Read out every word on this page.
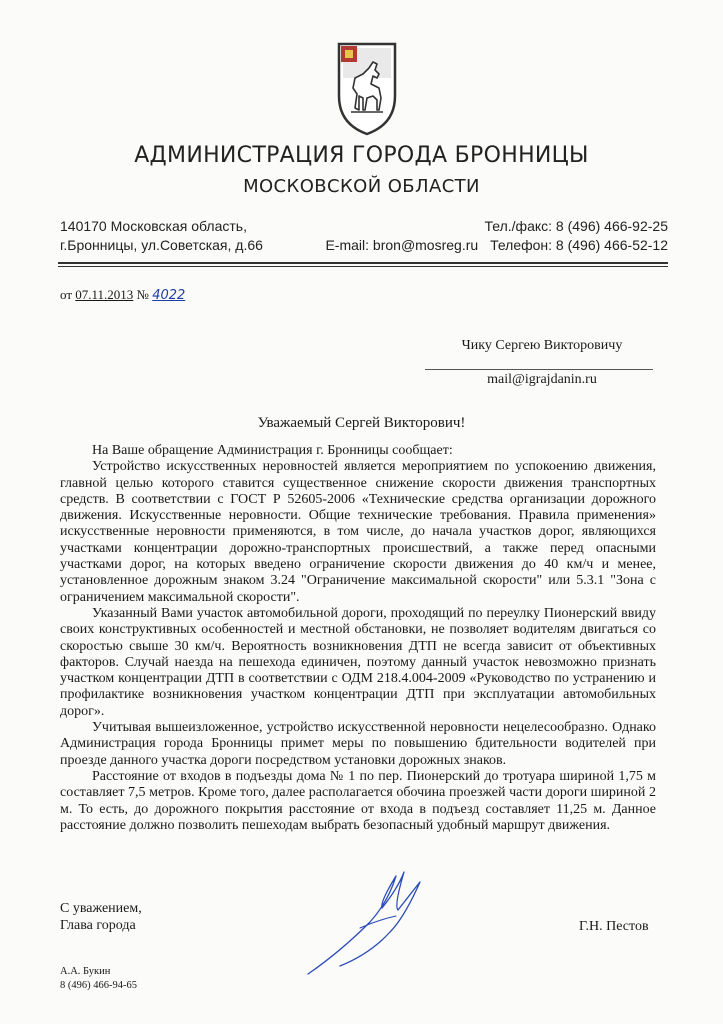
АДМИНИСТРАЦИЯ ГОРОДА БРОННИЦЫ
МОСКОВСКОЙ ОБЛАСТИ
140170 Московская область,
г.Бронницы, ул.Советская, д.66
Тел./факс: 8 (496) 466-92-25
E-mail: bron@mosreg.ru Телефон: 8 (496) 466-52-12
от 07.11.2013 № 4022
Чику Сергею Викторовичу
mail@igrajdanin.ru
Уважаемый Сергей Викторович!

На Ваше обращение Администрация г. Бронницы сообщает:

Устройство искусственных неровностей является мероприятием по успокоению движения, главной целью которого ставится существенное снижение скорости движения транспортных средств. В соответствии с ГОСТ Р 52605-2006 «Технические средства организации дорожного движения. Искусственные неровности. Общие технические требования. Правила применения» искусственные неровности применяются, в том числе, до начала участков дорог, являющихся участками концентрации дорожно-транспортных происшествий, а также перед опасными участками дорог, на которых введено ограничение скорости движения до 40 км/ч и менее, установленное дорожным знаком 3.24 "Ограничение максимальной скорости" или 5.3.1 "Зона с ограничением максимальной скорости".

Указанный Вами участок автомобильной дороги, проходящий по переулку Пионерский ввиду своих конструктивных особенностей и местной обстановки, не позволяет водителям двигаться со скоростью свыше 30 км/ч. Вероятность возникновения ДТП не всегда зависит от объективных факторов. Случай наезда на пешехода единичен, поэтому данный участок невозможно признать участком концентрации ДТП в соответствии с ОДМ 218.4.004-2009 «Руководство по устранению и профилактике возникновения участком концентрации ДТП при эксплуатации автомобильных дорог».

Учитывая вышеизложенное, устройство искусственной неровности нецелесообразно. Однако Администрация города Бронницы примет меры по повышению бдительности водителей при проезде данного участка дороги посредством установки дорожных знаков.

Расстояние от входов в подъезды дома № 1 по пер. Пионерский до тротуара шириной 1,75 м составляет 7,5 метров. Кроме того, далее располагается обочина проезжей части дороги шириной 2 м. То есть, до дорожного покрытия расстояние от входа в подъезд составляет 11,25 м. Данное расстояние должно позволить пешеходам выбрать безопасный удобный маршрут движения.

С уважением,
Глава города	Г.Н. Пестов
А.А. Букин
8 (496) 466-94-65
